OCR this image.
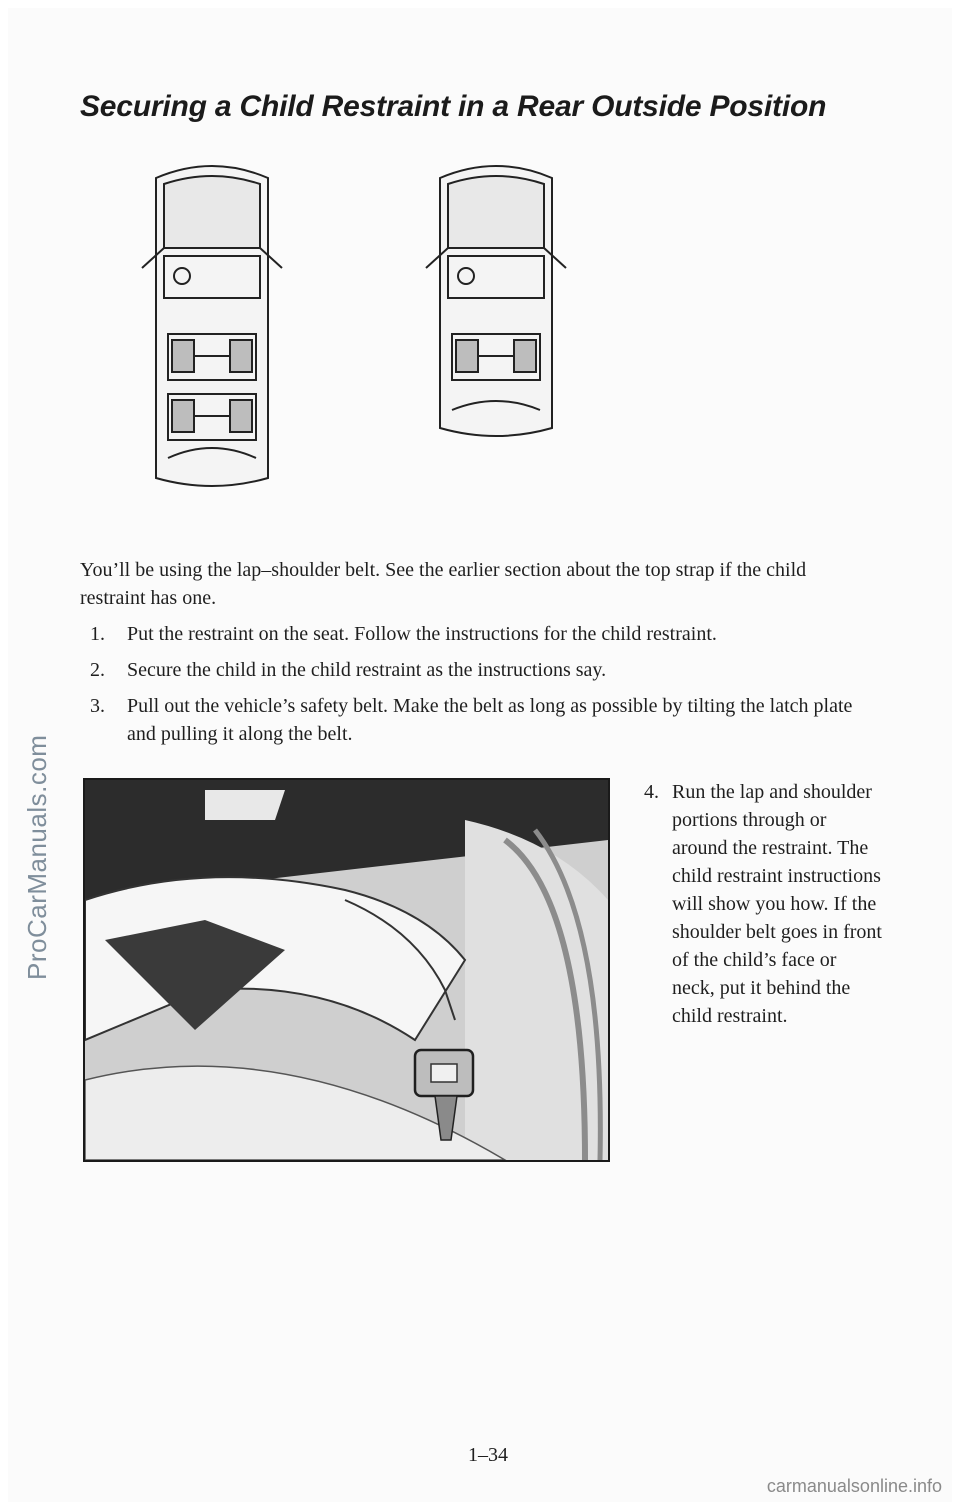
Securing a Child Restraint in a Rear Outside Position

You’ll be using the lap–shoulder belt. See the earlier section about the top strap if the child restraint has one.

1. Put the restraint on the seat. Follow the instructions for the child restraint.
2. Secure the child in the child restraint as the instructions say.
3. Pull out the vehicle’s safety belt. Make the belt as long as possible by tilting the latch plate and pulling it along the belt.

4. Run the lap and shoulder portions through or around the restraint. The child restraint instructions will show you how. If the shoulder belt goes in front of the child’s face or neck, put it behind the child restraint.

1–34
ProCarManuals.com
carmanualsonline.info
